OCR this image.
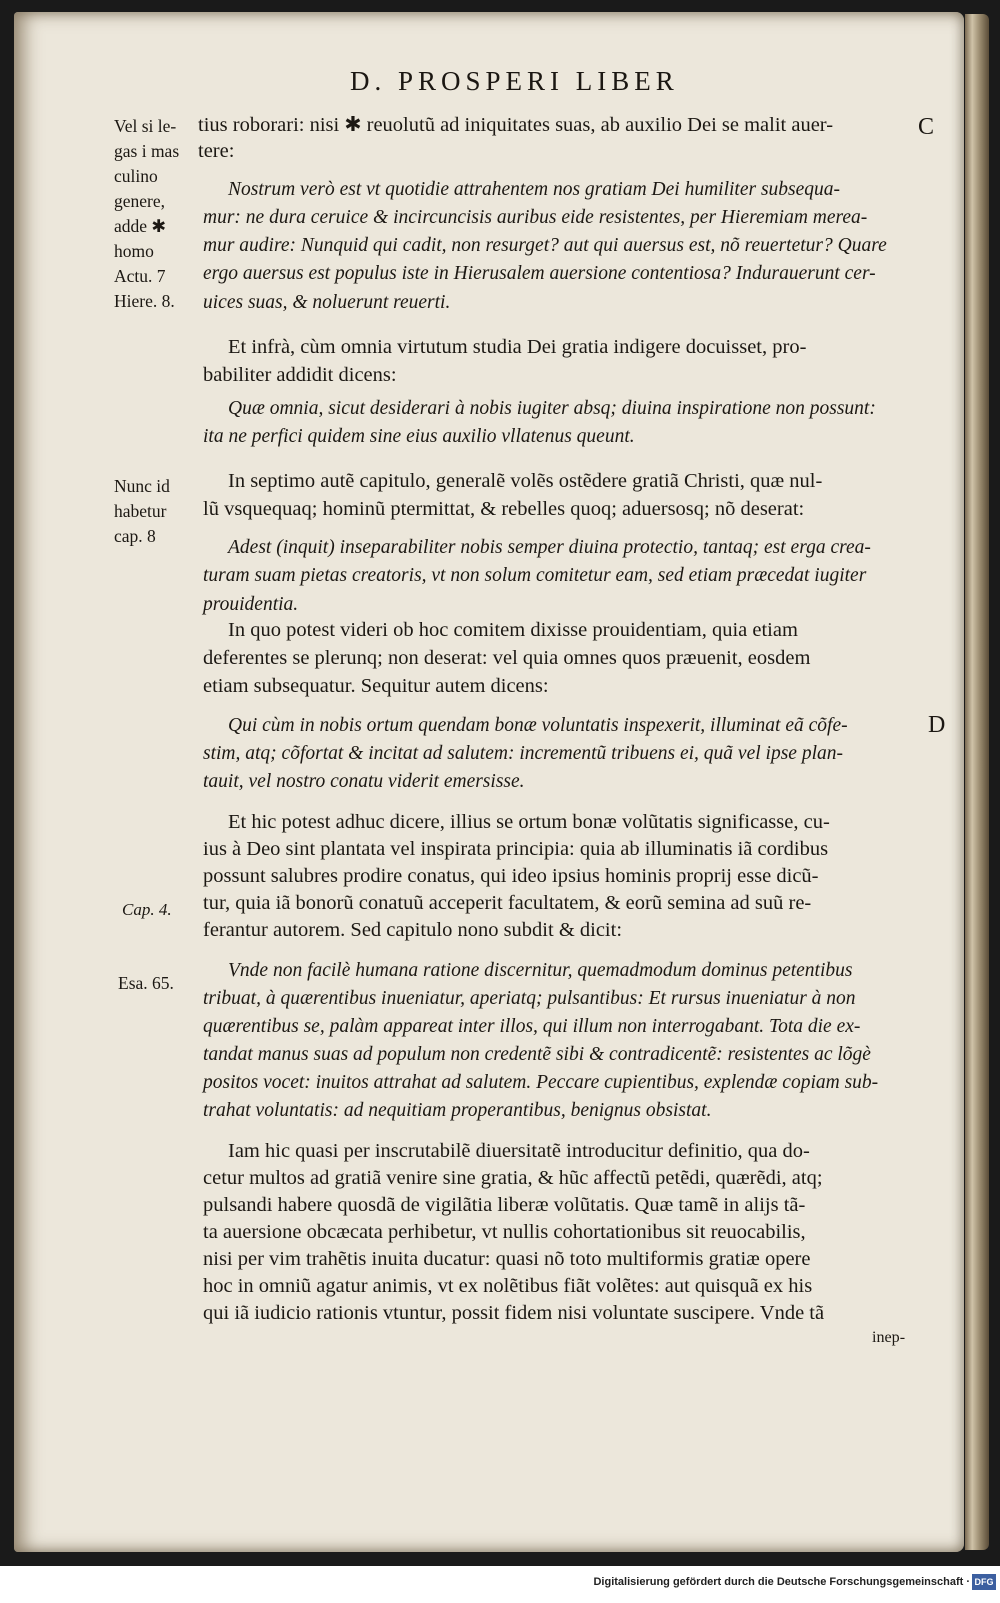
D. PROSPERI LIBER
C
D
Vel si le-
gas i mas
culino
genere,
adde ✱
homo
Actu. 7
Hiere. 8.
Nunc id
habetur
cap. 8
Cap. 4.
Esa. 65.
tius roborari: nisi ✱ reuolutũ ad iniquitates suas, ab auxilio Dei se malit auer-
tere:
Nostrum verò est vt quotidie attrahentem nos gratiam Dei humiliter subsequa-
mur: ne dura ceruice & incircuncisis auribus eide resistentes, per Hieremiam merea-
mur audire: Nunquid qui cadit, non resurget? aut qui auersus est, nõ reuertetur? Quare
ergo auersus est populus iste in Hierusalem auersione contentiosa? Indurauerunt cer-
uices suas, & noluerunt reuerti.
Et infrà, cùm omnia virtutum studia Dei gratia indigere docuisset, pro-
babiliter addidit dicens:
Quæ omnia, sicut desiderari à nobis iugiter absq; diuina inspiratione non possunt:
ita ne perfici quidem sine eius auxilio vllatenus queunt.
In septimo autẽ capitulo, generalẽ volẽs ostẽdere gratiã Christi, quæ nul-
lũ vsquequaq; hominũ ptermittat, & rebelles quoq; aduersosq; nõ deserat:
Adest (inquit) inseparabiliter nobis semper diuina protectio, tantaq; est erga crea-
turam suam pietas creatoris, vt non solum comitetur eam, sed etiam præcedat iugiter
prouidentia.
In quo potest videri ob hoc comitem dixisse prouidentiam, quia etiam
deferentes se plerunq; non deserat: vel quia omnes quos præuenit, eosdem
etiam subsequatur. Sequitur autem dicens:
Qui cùm in nobis ortum quendam bonæ voluntatis inspexerit, illuminat eã cõfe-
stim, atq; cõfortat & incitat ad salutem: incrementũ tribuens ei, quã vel ipse plan-
tauit, vel nostro conatu viderit emersisse.
Et hic potest adhuc dicere, illius se ortum bonæ volũtatis significasse, cu-
ius à Deo sint plantata vel inspirata principia: quia ab illuminatis iã cordibus
possunt salubres prodire conatus, qui ideo ipsius hominis proprij esse dicũ-
tur, quia iã bonorũ conatuũ acceperit facultatem, & eorũ semina ad suũ re-
ferantur autorem. Sed capitulo nono subdit & dicit:
Vnde non facilè humana ratione discernitur, quemadmodum dominus petentibus
tribuat, à quærentibus inueniatur, aperiatq; pulsantibus: Et rursus inueniatur à non
quærentibus se, palàm appareat inter illos, qui illum non interrogabant. Tota die ex-
tandat manus suas ad populum non credentẽ sibi & contradicentẽ: resistentes ac lõgè
positos vocet: inuitos attrahat ad salutem. Peccare cupientibus, explendæ copiam sub-
trahat voluntatis: ad nequitiam properantibus, benignus obsistat.
Iam hic quasi per inscrutabilẽ diuersitatẽ introducitur definitio, qua do-
cetur multos ad gratiã venire sine gratia, & hũc affectũ petẽdi, quærẽdi, atq;
pulsandi habere quosdã de vigilãtia liberæ volũtatis. Quæ tamẽ in alijs tã-
ta auersione obcæcata perhibetur, vt nullis cohortationibus sit reuocabilis,
nisi per vim trahẽtis inuita ducatur: quasi nõ toto multiformis gratiæ opere
hoc in omniũ agatur animis, vt ex nolẽtibus fiãt volẽtes: aut quisquã ex his
qui iã iudicio rationis vtuntur, possit fidem nisi voluntate suscipere. Vnde tã
inep-
Digitalisierung gefördert durch die Deutsche Forschungsgemeinschaft · DFG
